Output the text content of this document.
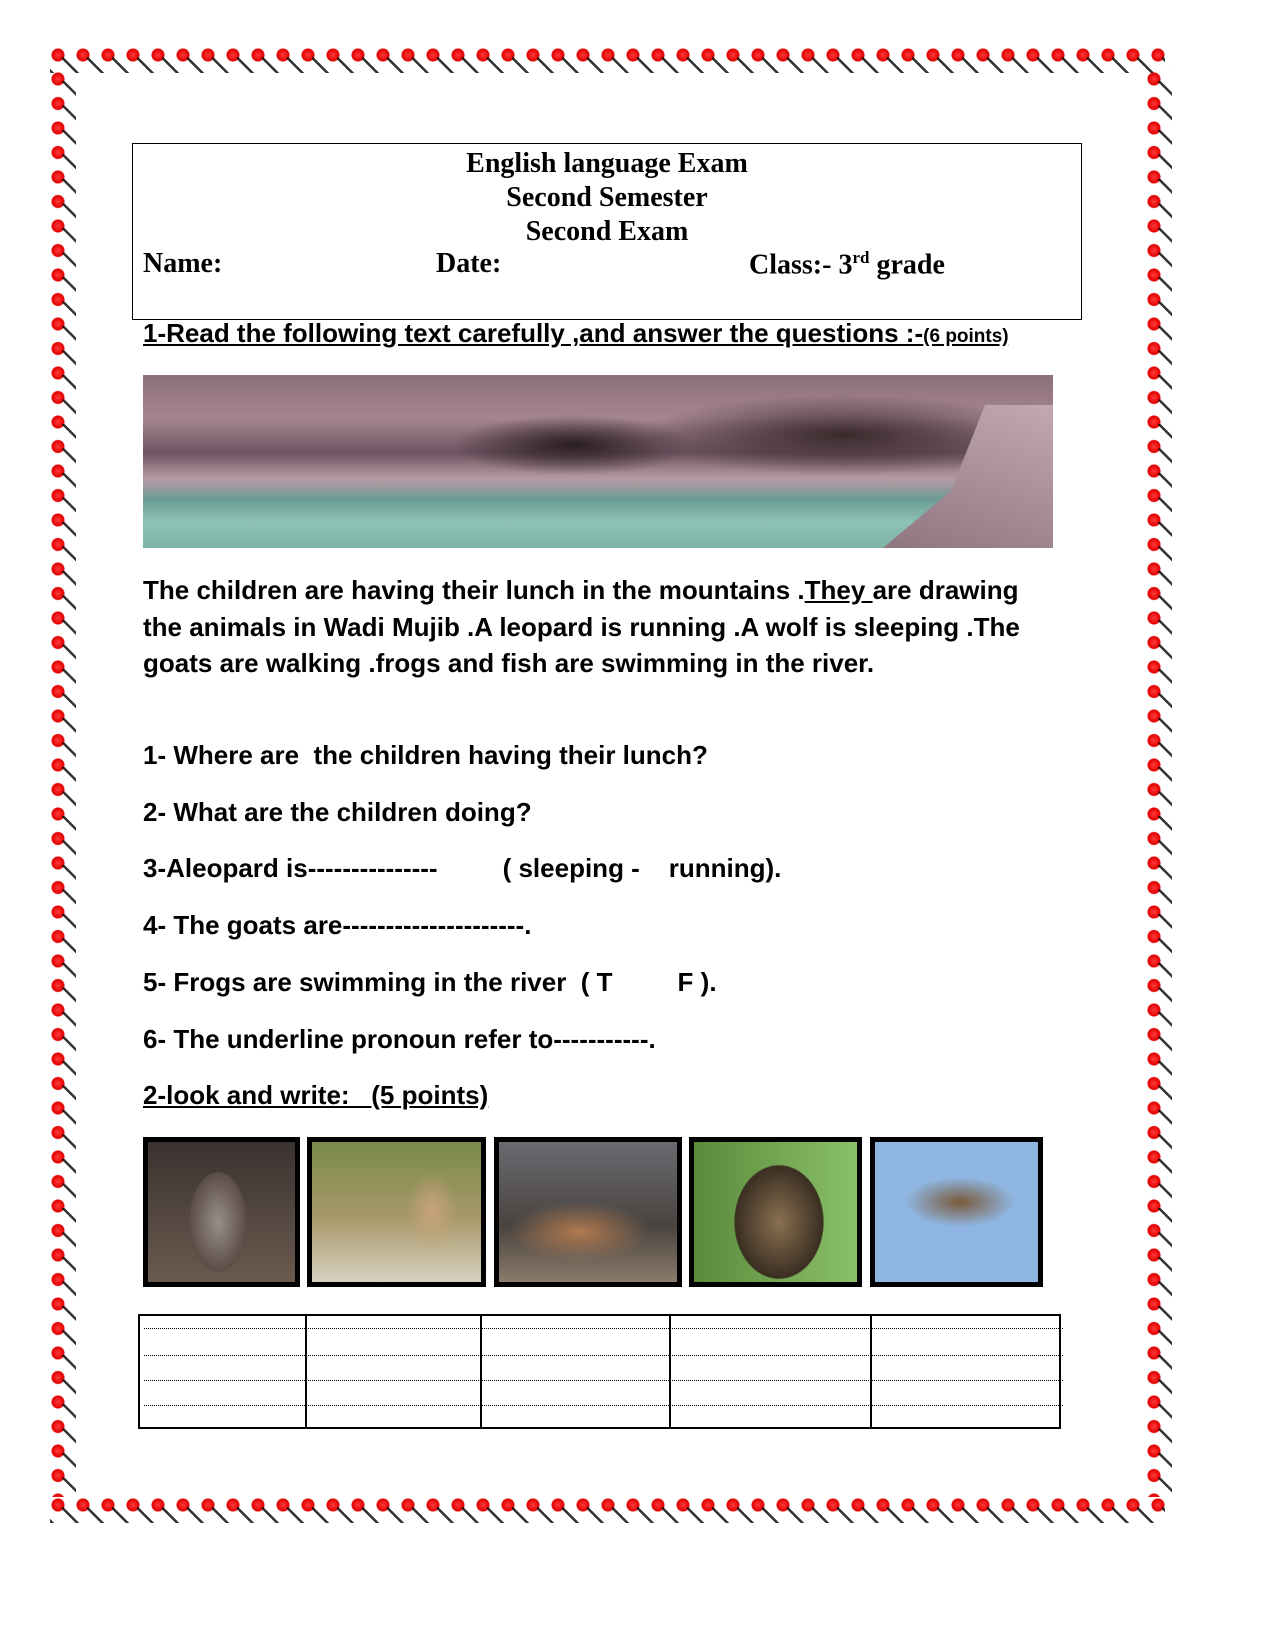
English language Exam
Second Semester
Second Exam
Name:	Date:	Class:- 3rd grade
1-Read the following text carefully ,and answer the questions :-(6 points)
The children are having their lunch in the mountains .They are drawing the animals in Wadi Mujib .A leopard is running .A wolf is sleeping .The goats are walking .frogs and fish are swimming in the river.
1- Where are  the children having their lunch?
2- What are the children doing?
3-Aleopard is---------------         ( sleeping -    running).
4- The goats are---------------------.
5- Frogs are swimming in the river  ( T         F ).
6- The underline pronoun refer to-----------.
2-look and write:   (5 points)
